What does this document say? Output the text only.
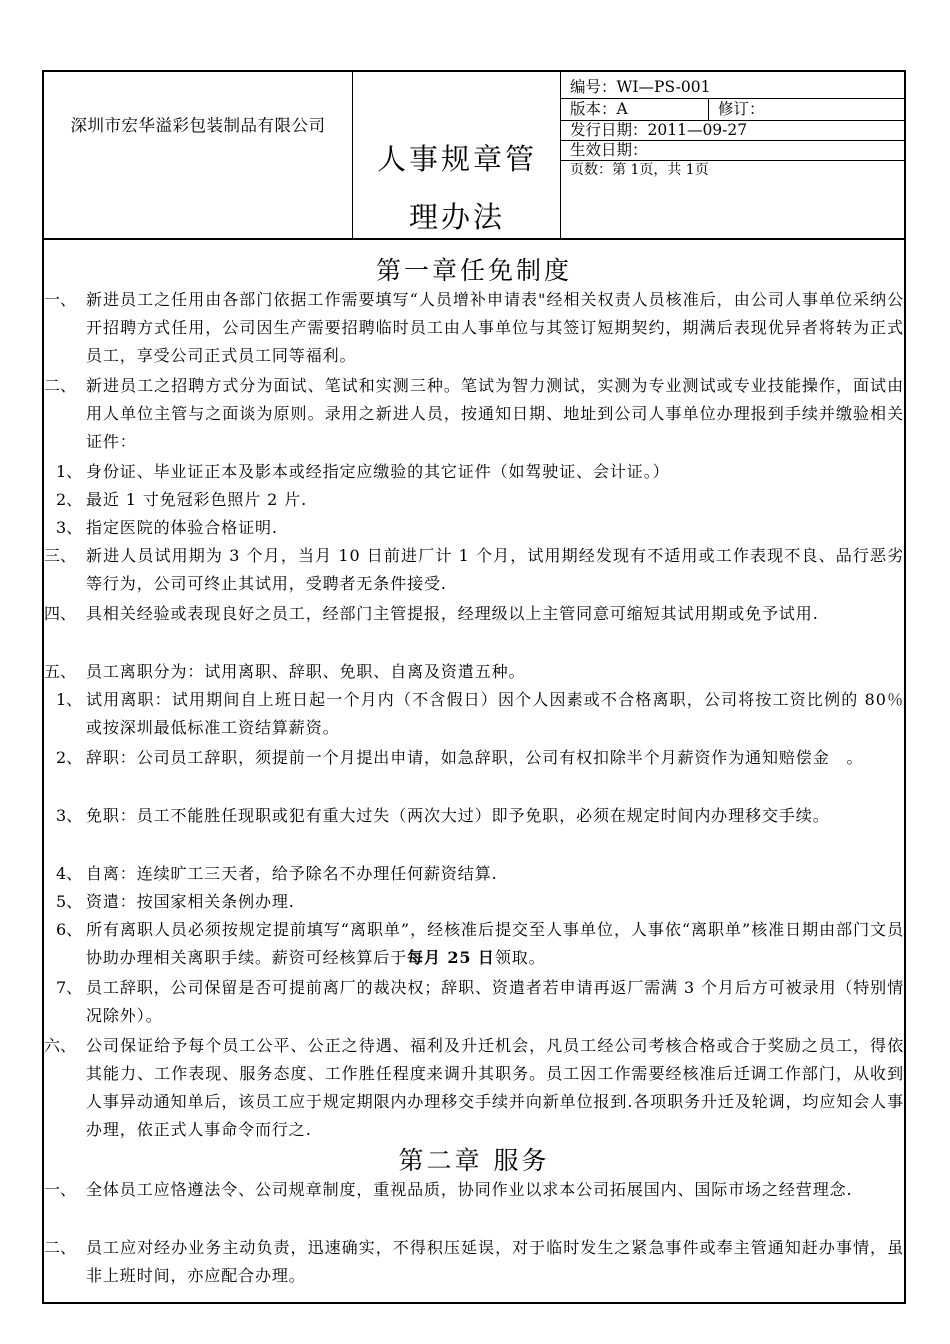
深圳市宏华溢彩包装制品有限公司
人事规章管
理办法
编号：WI—PS-001
版本：A	修订：
发行日期：2011—09-27
生效日期：
页数：第 1页，共 1页
第一章任免制度
一、 新进员工之任用由各部门依据工作需要填写“人员增补申请表"经相关权责人员核准后，由公司人事单位采纳公开招聘方式任用，公司因生产需要招聘临时员工由人事单位与其签订短期契约，期满后表现优异者将转为正式员工，享受公司正式员工同等福利。
二、 新进员工之招聘方式分为面试、笔试和实测三种。笔试为智力测试，实测为专业测试或专业技能操作，面试由用人单位主管与之面谈为原则。录用之新进人员，按通知日期、地址到公司人事单位办理报到手续并缴验相关证件：
1、 身份证、毕业证正本及影本或经指定应缴验的其它证件（如驾驶证、会计证。）
2、 最近 1 寸免冠彩色照片 2 片.
3、 指定医院的体验合格证明.
三、 新进人员试用期为 3 个月，当月 10 日前进厂计 1 个月，试用期经发现有不适用或工作表现不良、品行恶劣等行为，公司可终止其试用，受聘者无条件接受.
四、 具相关经验或表现良好之员工，经部门主管提报，经理级以上主管同意可缩短其试用期或免予试用.
五、 员工离职分为：试用离职、辞职、免职、自离及资遣五种。
1、 试用离职：试用期间自上班日起一个月内（不含假日）因个人因素或不合格离职，公司将按工资比例的 80％或按深圳最低标准工资结算薪资。
2、 辞职：公司员工辞职，须提前一个月提出申请，如急辞职，公司有权扣除半个月薪资作为通知赔偿金　。
3、 免职：员工不能胜任现职或犯有重大过失（两次大过）即予免职，必须在规定时间内办理移交手续。
4、 自离：连续旷工三天者，给予除名不办理任何薪资结算.
5、 资遣：按国家相关条例办理.
6、 所有离职人员必须按规定提前填写“离职单”，经核准后提交至人事单位，人事依“离职单”核准日期由部门文员协助办理相关离职手续。薪资可经核算后于每月 25 日领取。
7、 员工辞职，公司保留是否可提前离厂的裁决权；辞职、资遣者若申请再返厂需满 3 个月后方可被录用（特别情况除外）。
六、 公司保证给予每个员工公平、公正之待遇、福利及升迁机会，凡员工经公司考核合格或合于奖励之员工，得依其能力、工作表现、服务态度、工作胜任程度来调升其职务。员工因工作需要经核准后迁调工作部门，从收到人事异动通知单后，该员工应于规定期限内办理移交手续并向新单位报到.各项职务升迁及轮调，均应知会人事办理，依正式人事命令而行之.
第二章 服务
一、 全体员工应恪遵法令、公司规章制度，重视品质，协同作业以求本公司拓展国内、国际市场之经营理念.
二、 员工应对经办业务主动负责，迅速确实，不得积压延误，对于临时发生之紧急事件或奉主管通知赶办事情，虽非上班时间，亦应配合办理。
